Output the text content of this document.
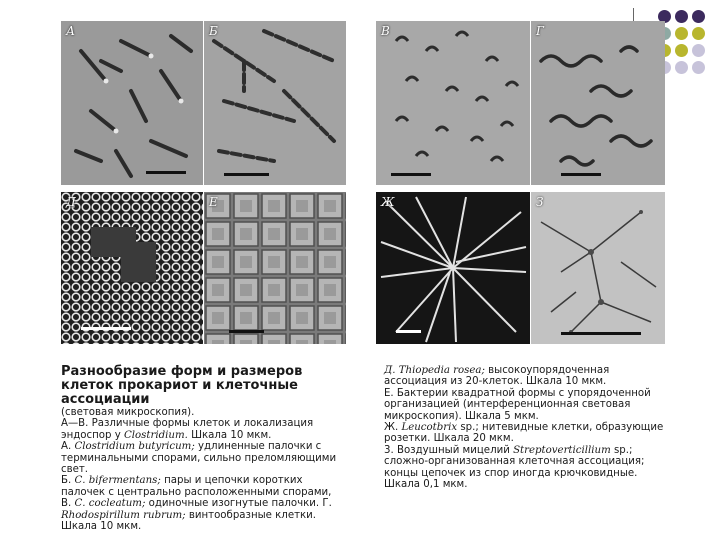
А	Б	В	Г
Д	Е	Ж	З
Разнообразие форм и размеров клеток прокариот и клеточные ассоциации
(световая микроскопия).
А—В. Различные формы клеток и локализация эндоспор у Clostridium. Шкала 10 мкм.
А. Clostridium butyricum; удлиненные палочки с терминальными спорами, сильно преломляющими свет.
Б. С. bifermentans; пары и цепочки коротких палочек с центрально расположенными спорами, В. С. cocleatum; одиночные изогнутые палочки. Г. Rhodospirillum rubrum; винтообразные клетки. Шкала 10 мкм.
Д. Thiopedia rosea; высокоупорядоченная ассоциация из 20-клеток. Шкала 10 мкм.
Е. Бактерии квадратной формы с упорядоченной организацией (интерференционная световая микроскопия). Шкала 5 мкм.
Ж. Leucotbrix sp.; нитевидные клетки, образующие розетки. Шкала 20 мкм.
3. Воздушный мицелий Streptoverticillium sp.; сложно-организованная клеточная ассоциация; концы цепочек из спор иногда крючковидные. Шкала 0,1 мкм.
